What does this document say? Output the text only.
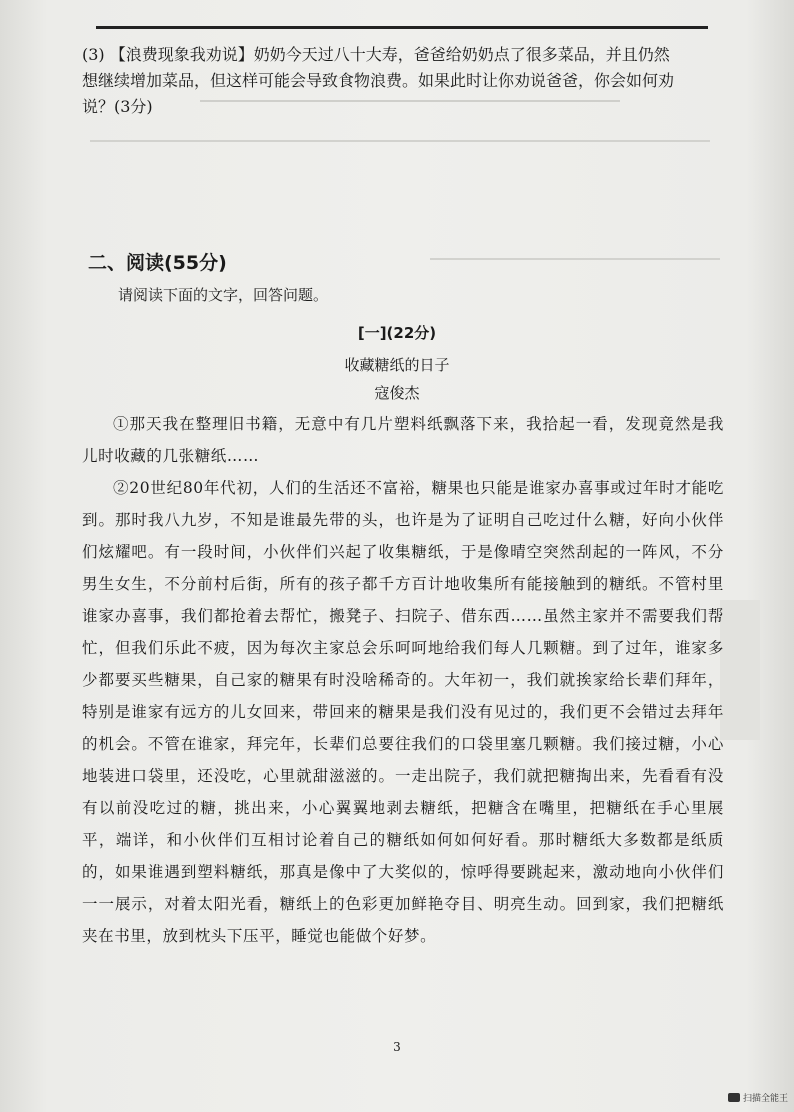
(3) 【浪费现象我劝说】奶奶今天过八十大寿，爸爸给奶奶点了很多菜品，并且仍然想继续增加菜品，但这样可能会导致食物浪费。如果此时让你劝说爸爸，你会如何劝说？(3分)
二、阅读(55分)
请阅读下面的文字，回答问题。
[一](22分)
收藏糖纸的日子
寇俊杰

①那天我在整理旧书籍，无意中有几片塑料纸飘落下来，我拾起一看，发现竟然是我儿时收藏的几张糖纸……

②20世纪80年代初，人们的生活还不富裕，糖果也只能是谁家办喜事或过年时才能吃到。那时我八九岁，不知是谁最先带的头，也许是为了证明自己吃过什么糖，好向小伙伴们炫耀吧。有一段时间，小伙伴们兴起了收集糖纸，于是像晴空突然刮起的一阵风，不分男生女生，不分前村后街，所有的孩子都千方百计地收集所有能接触到的糖纸。不管村里谁家办喜事，我们都抢着去帮忙，搬凳子、扫院子、借东西……虽然主家并不需要我们帮忙，但我们乐此不疲，因为每次主家总会乐呵呵地给我们每人几颗糖。到了过年，谁家多少都要买些糖果，自己家的糖果有时没啥稀奇的。大年初一，我们就挨家给长辈们拜年，特别是谁家有远方的儿女回来，带回来的糖果是我们没有见过的，我们更不会错过去拜年的机会。不管在谁家，拜完年，长辈们总要往我们的口袋里塞几颗糖。我们接过糖，小心地装进口袋里，还没吃，心里就甜滋滋的。一走出院子，我们就把糖掏出来，先看看有没有以前没吃过的糖，挑出来，小心翼翼地剥去糖纸，把糖含在嘴里，把糖纸在手心里展平，端详，和小伙伴们互相讨论着自己的糖纸如何如何好看。那时糖纸大多数都是纸质的，如果谁遇到塑料糖纸，那真是像中了大奖似的，惊呼得要跳起来，激动地向小伙伴们一一展示，对着太阳光看，糖纸上的色彩更加鲜艳夺目、明亮生动。回到家，我们把糖纸夹在书里，放到枕头下压平，睡觉也能做个好梦。

3
扫描全能王
